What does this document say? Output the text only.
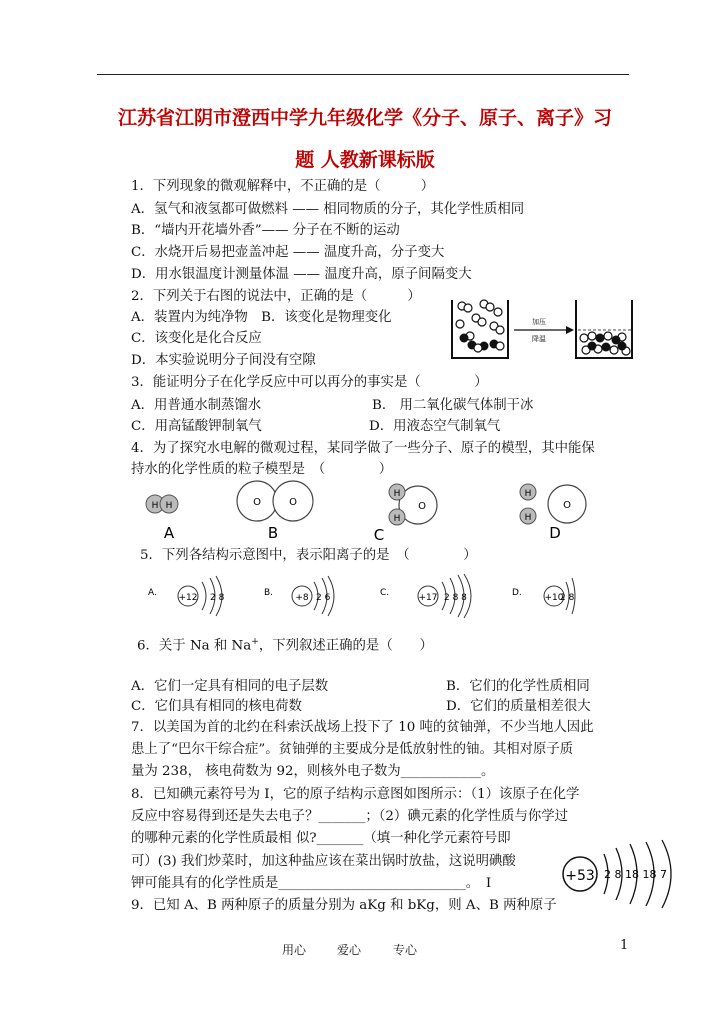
江苏省江阴市澄西中学九年级化学《分子、原子、离子》习
题 人教新课标版
1．下列现象的微观解释中，不正确的是（　　　）
A．氢气和液氢都可做燃料 —— 相同物质的分子，其化学性质相同
B．“墙内开花墙外香”—— 分子在不断的运动
C．水烧开后易把壶盖冲起 —— 温度升高，分子变大
D．用水银温度计测量体温 —— 温度升高，原子间隔变大
2．下列关于右图的说法中，正确的是（　　　）
A．装置内为纯净物　B．该变化是物理变化
C．该变化是化合反应
D．本实验说明分子间没有空隙
加压
降温
3．能证明分子在化学反应中可以再分的事实是（　　　　）
A．用普通水制蒸馏水	B． 用二氧化碳气体制干冰
C．用高锰酸钾制氧气	D．用液态空气制氧气
4．为了探究水电解的微观过程，某同学做了一些分子、原子的模型，其中能保
持水的化学性质的粒子模型是　（　　　　）
H H
A
O	O
B
H
H
O
C
H
H
O
D
5．下列各结构示意图中，表示阳离子的是　（　　　　）
A. +12 2 8	B. +8 2 6	C.	+17 2 8 8	D.	+10
2 8
6．关于 Na 和 Na+，下列叙述正确的是（　　）
A．它们一定具有相同的电子层数	B．它们的化学性质相同
C．它们具有相同的核电荷数	D．它们的质量相差很大
7．以美国为首的北约在科索沃战场上投下了 10 吨的贫铀弹，不少当地人因此
患上了“巴尔干综合症”。贫铀弹的主要成分是低放射性的铀。其相对原子质
量为 238， 核电荷数为 92，则核外电子数为____________。
8．已知碘元素符号为 I，它的原子结构示意图如图所示：（1）该原子在化学
反应中容易得到还是失去电子？_______；（2）碘元素的化学性质与你学过
的哪种元素的化学性质最相 似?_______（填一种化学元素符号即
可）(3) 我们炒菜时，加这种盐应该在菜出锅时放盐，这说明碘酸
钾可能具有的化学性质是____________________________。　I	+53 2 8 18 18 7
9．已知 A、B 两种原子的质量分别为 aKg 和 bKg，则 A、B 两种原子
用心	爱心	专心	1
